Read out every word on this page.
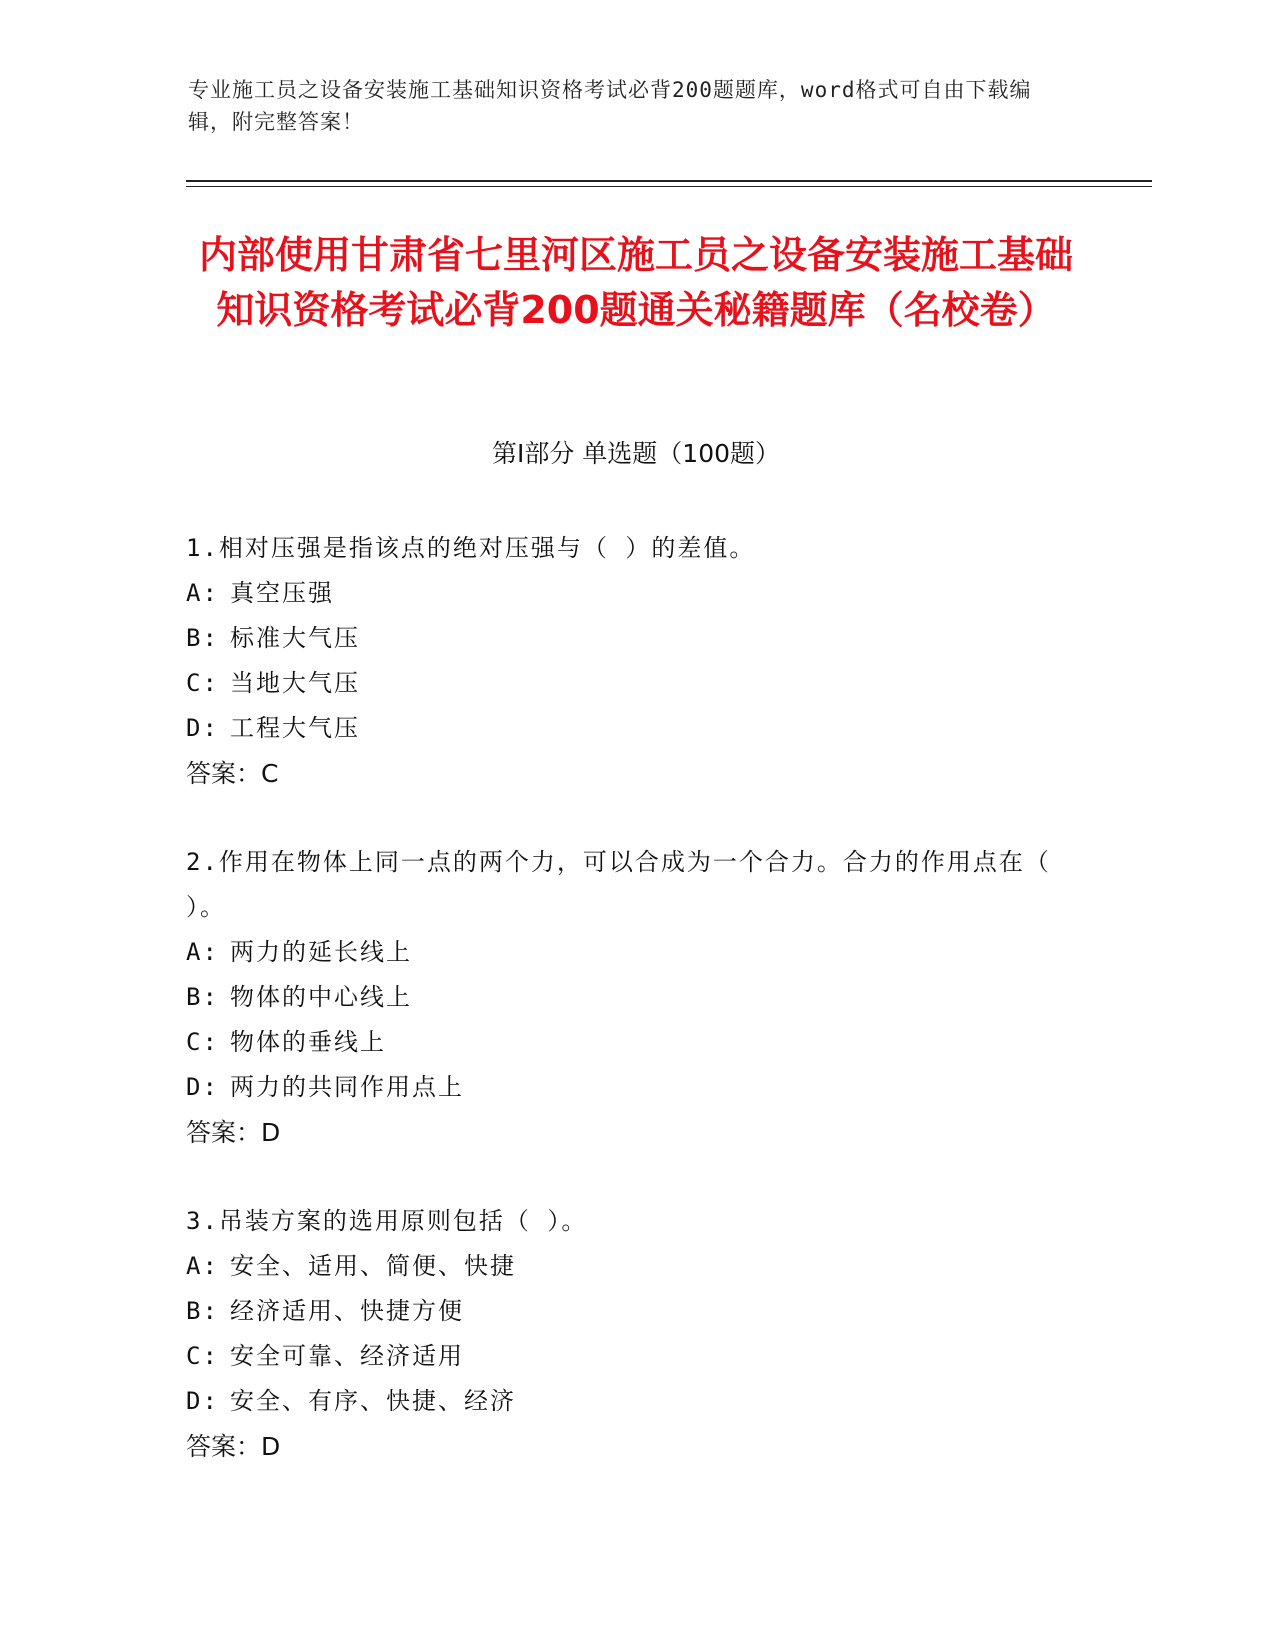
专业施工员之设备安装施工基础知识资格考试必背200题题库，word格式可自由下载编辑，附完整答案！
内部使用甘肃省七里河区施工员之设备安装施工基础知识资格考试必背200题通关秘籍题库（名校卷）
第Ⅰ部分 单选题（100题）

1.相对压强是指该点的绝对压强与（ ）的差值。

A: 真空压强

B: 标准大气压

C: 当地大气压

D: 工程大气压

答案：C

2.作用在物体上同一点的两个力，可以合成为一个合力。合力的作用点在（ ）。

A: 两力的延长线上

B: 物体的中心线上

C: 物体的垂线上

D: 两力的共同作用点上

答案：D

3.吊装方案的选用原则包括（ ）。

A: 安全、适用、简便、快捷

B: 经济适用、快捷方便

C: 安全可靠、经济适用

D: 安全、有序、快捷、经济

答案：D
